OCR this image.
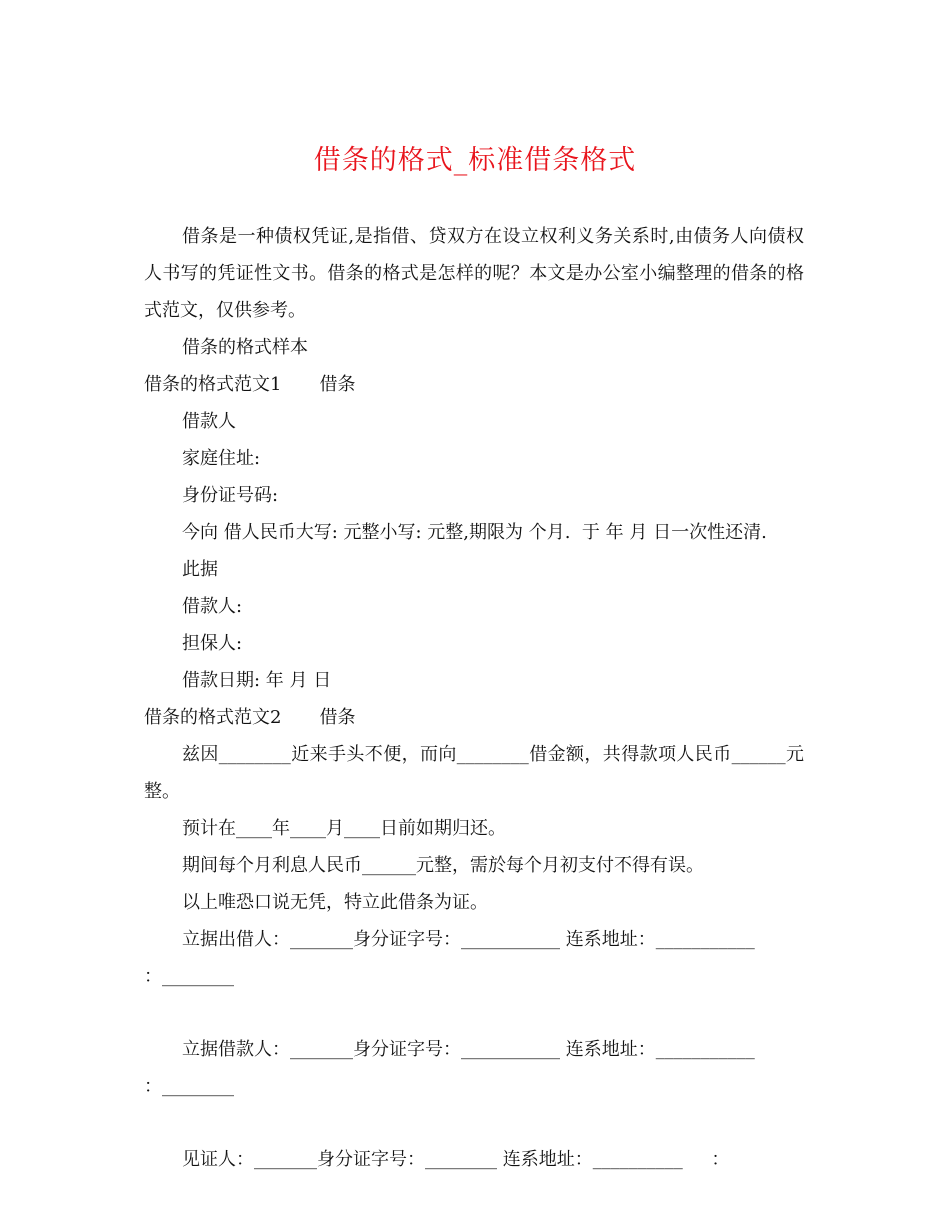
借条的格式_标准借条格式

借条是一种债权凭证,是指借、贷双方在设立权利义务关系时,由债务人向债权人书写的凭证性文书。借条的格式是怎样的呢？本文是办公室小编整理的借条的格式范文，仅供参考。

借条的格式样本

借条的格式范文1 借条

借款人

家庭住址:

身份证号码:

今向 借人民币大写: 元整小写: 元整,期限为 个月.  于 年 月 日一次性还清.

此据

借款人:

担保人:

借款日期: 年 月 日

借条的格式范文2 借条

兹因________近来手头不便，而向________借金额，共得款项人民币______元整。

预计在____年____月____日前如期归还。

期间每个月利息人民币______元整，需於每个月初支付不得有误。

以上唯恐口说无凭，特立此借条为证。

立据出借人：_______身分证字号：___________ 连系地址：___________

：________

立据借款人：_______身分证字号：___________ 连系地址：___________

：________

见证人：_______身分证字号：________ 连系地址：__________     ：
